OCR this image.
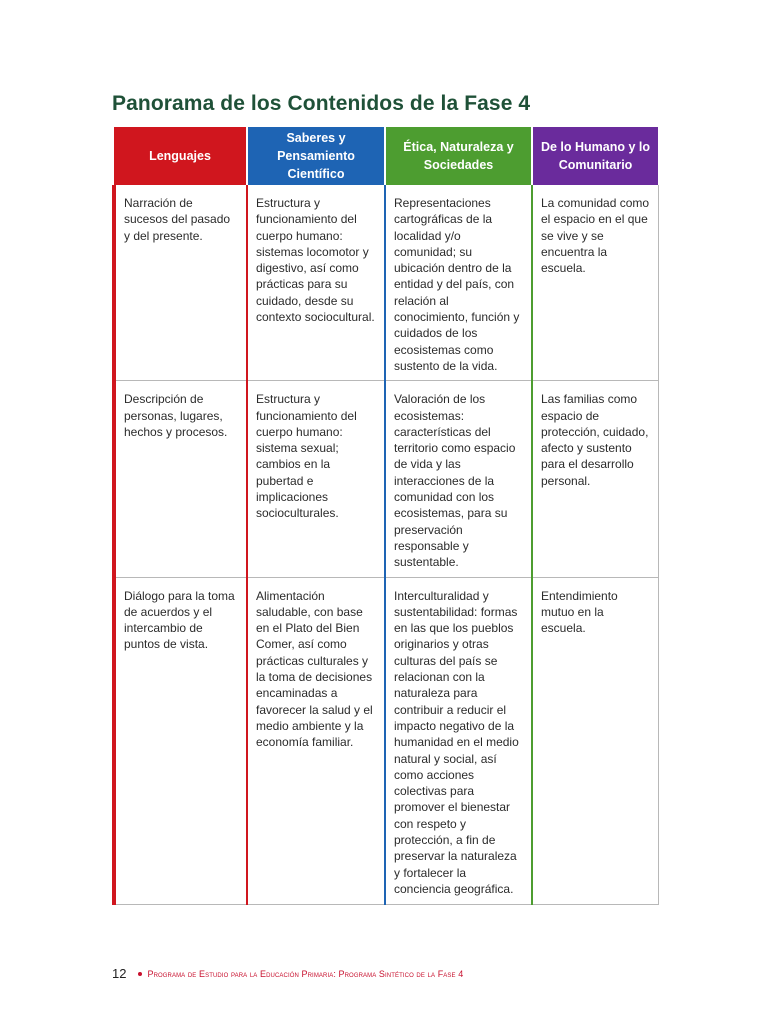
Panorama de los Contenidos de la Fase 4
Lenguajes	Saberes y Pensamiento Científico	Ética, Naturaleza y Sociedades	De lo Humano y lo Comunitario
Narración de sucesos del pasado y del presente.	Estructura y funcionamiento del cuerpo humano: sistemas locomotor y digestivo, así como prácticas para su cuidado, desde su contexto sociocultural.	Representaciones cartográficas de la localidad y/o comunidad; su ubicación dentro de la entidad y del país, con relación al conocimiento, función y cuidados de los ecosistemas como sustento de la vida.	La comunidad como el espacio en el que se vive y se encuentra la escuela.
Descripción de personas, lugares, hechos y procesos.	Estructura y funcionamiento del cuerpo humano: sistema sexual; cambios en la pubertad e implicaciones socioculturales.	Valoración de los ecosistemas: características del territorio como espacio de vida y las interacciones de la comunidad con los ecosistemas, para su preservación responsable y sustentable.	Las familias como espacio de protección, cuidado, afecto y sustento para el desarrollo personal.
Diálogo para la toma de acuerdos y el intercambio de puntos de vista.	Alimentación saludable, con base en el Plato del Bien Comer, así como prácticas culturales y la toma de decisiones encaminadas a favorecer la salud y el medio ambiente y la economía familiar.	Interculturalidad y sustentabilidad: formas en las que los pueblos originarios y otras culturas del país se relacionan con la naturaleza para contribuir a reducir el impacto negativo de la humanidad en el medio natural y social, así como acciones colectivas para promover el bienestar con respeto y protección, a fin de preservar la naturaleza y fortalecer la conciencia geográfica.	Entendimiento mutuo en la escuela.
12 Programa de Estudio para la Educación Primaria: Programa Sintético de la Fase 4
